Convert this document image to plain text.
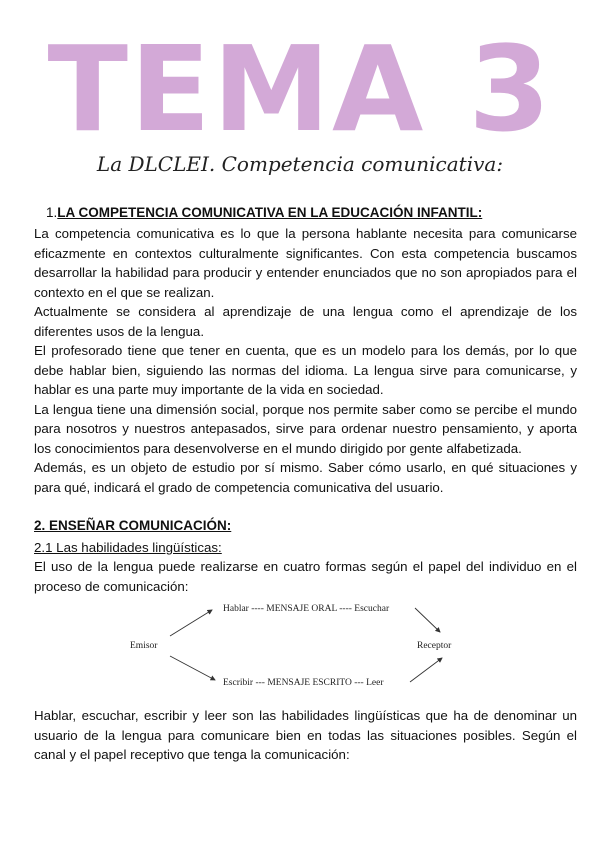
TEMA 3
La DLCLEI. Competencia comunicativa:
1.LA COMPETENCIA COMUNICATIVA EN LA EDUCACIÓN INFANTIL:
La competencia comunicativa es lo que la persona hablante necesita para comunicarse eficazmente en contextos culturalmente significantes. Con esta competencia buscamos desarrollar la habilidad para producir y entender enunciados que no son apropiados para el contexto en el que se realizan.
Actualmente se considera al aprendizaje de una lengua como el aprendizaje de los diferentes usos de la lengua.
El profesorado tiene que tener en cuenta, que es un modelo para los demás, por lo que debe hablar bien, siguiendo las normas del idioma. La lengua sirve para comunicarse, y hablar es una parte muy importante de la vida en sociedad.
La lengua tiene una dimensión social, porque nos permite saber como se percibe el mundo para nosotros y nuestros antepasados, sirve para ordenar nuestro pensamiento, y aporta los conocimientos para desenvolverse en el mundo dirigido por gente alfabetizada.
Además, es un objeto de estudio por sí mismo. Saber cómo usarlo, en qué situaciones y para qué, indicará el grado de competencia comunicativa del usuario.
2. ENSEÑAR COMUNICACIÓN:
2.1 Las habilidades lingüísticas:
El uso de la lengua puede realizarse en cuatro formas según el papel del individuo en el proceso de comunicación:
Emisor	Receptor
Hablar ---- MENSAJE ORAL ---- Escuchar
Escribir --- MENSAJE ESCRITO --- Leer
Hablar, escuchar, escribir y leer son las habilidades lingüísticas que ha de denominar un usuario de la lengua para comunicare bien en todas las situaciones posibles. Según el canal y el papel receptivo que tenga la comunicación:
